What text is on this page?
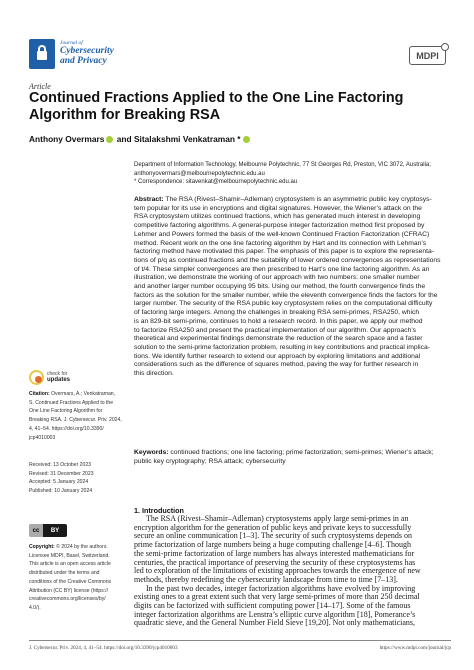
Journal of
Cybersecurity
and Privacy
MDPI
Article
Continued Fractions Applied to the One Line Factoring
Algorithm for Breaking RSA
Anthony Overmars and Sitalakshmi Venkatraman *
Department of Information Technology, Melbourne Polytechnic, 77 St Georges Rd, Preston, VIC 3072, Australia;
anthonyovermars@melbournepolytechnic.edu.au
* Correspondence: sitavenkat@melbournepolytechnic.edu.au
Abstract: The RSA (Rivest–Shamir–Adleman) cryptosystem is an asymmetric public key cryptosys-
tem popular for its use in encryptions and digital signatures. However, the Wiener’s attack on the
RSA cryptosystem utilizes continued fractions, which has generated much interest in developing
competitive factoring algorithms. A general-purpose integer factorization method first proposed by
Lehmer and Powers formed the basis of the well-known Continued Fraction Factorization (CFRAC)
method. Recent work on the one line factoring algorithm by Hart and its connection with Lehman’s
factoring method have motivated this paper. The emphasis of this paper is to explore the representa-
tions of p/q as continued fractions and the suitability of lower ordered convergences as representations
of t/4. These simpler convergences are then prescribed to Hart’s one line factoring algorithm. As an
illustration, we demonstrate the working of our approach with two numbers: one smaller number
and another larger number occupying 95 bits. Using our method, the fourth convergence finds the
factors as the solution for the smaller number, while the eleventh convergence finds the factors for the
larger number. The security of the RSA public key cryptosystem relies on the computational difficulty
of factoring large integers. Among the challenges in breaking RSA semi-primes, RSA250, which
is an 829-bit semi-prime, continues to hold a research record. In this paper, we apply our method
to factorize RSA250 and present the practical implementation of our algorithm. Our approach’s
theoretical and experimental findings demonstrate the reduction of the search space and a faster
solution to the semi-prime factorization problem, resulting in key contributions and practical implica-
tions. We identify further research to extend our approach by exploring limitations and additional
considerations such as the difference of squares method, paving the way for further research in
this direction.
Keywords: continued fractions; one line factoring; prime factorization; semi-primes; Wiener’s attack;
public key cryptography; RSA attack; cybersecurity
check for
updates
Citation: Overmars, A.; Venkatraman,
S. Continued Fractions Applied to the
One Line Factoring Algorithm for
Breaking RSA. J. Cybersecur. Priv. 2024,
4, 41–54. https://doi.org/10.3390/
jcp4010003
Received: 13 October 2023
Revised: 31 December 2023
Accepted: 5 January 2024
Published: 10 January 2024
cc	BY
Copyright: © 2024 by the authors.
Licensee MDPI, Basel, Switzerland.
This article is an open access article
distributed under the terms and
conditions of the Creative Commons
Attribution (CC BY) license (https://
creativecommons.org/licenses/by/
4.0/).
1. Introduction
The RSA (Rivest–Shamir–Adleman) cryptosystems apply large semi-primes in an
encryption algorithm for the generation of public keys and private keys to successfully
secure an online communication [1–3]. The security of such cryptosystems depends on
prime factorization of large numbers being a huge computing challenge [4–6]. Though
the semi-prime factorization of large numbers has always interested mathematicians for
centuries, the practical importance of preserving the security of these cryptosystems has
led to exploration of the limitations of existing approaches towards the emergence of new
methods, thereby redefining the cybersecurity landscape from time to time [7–13].
In the past two decades, integer factorization algorithms have evolved by improving
existing ones to a great extent such that very large semi-primes of more than 250 decimal
digits can be factorized with sufficient computing power [14–17]. Some of the famous
integer factorization algorithms are Lenstra’s elliptic curve algorithm [18], Pomerance’s
quadratic sieve, and the General Number Field Sieve [19,20]. Not only mathematicians,
J. Cybersecur. Priv. 2024, 4, 41–54. https://doi.org/10.3390/jcp4010003	https://www.mdpi.com/journal/jcp
